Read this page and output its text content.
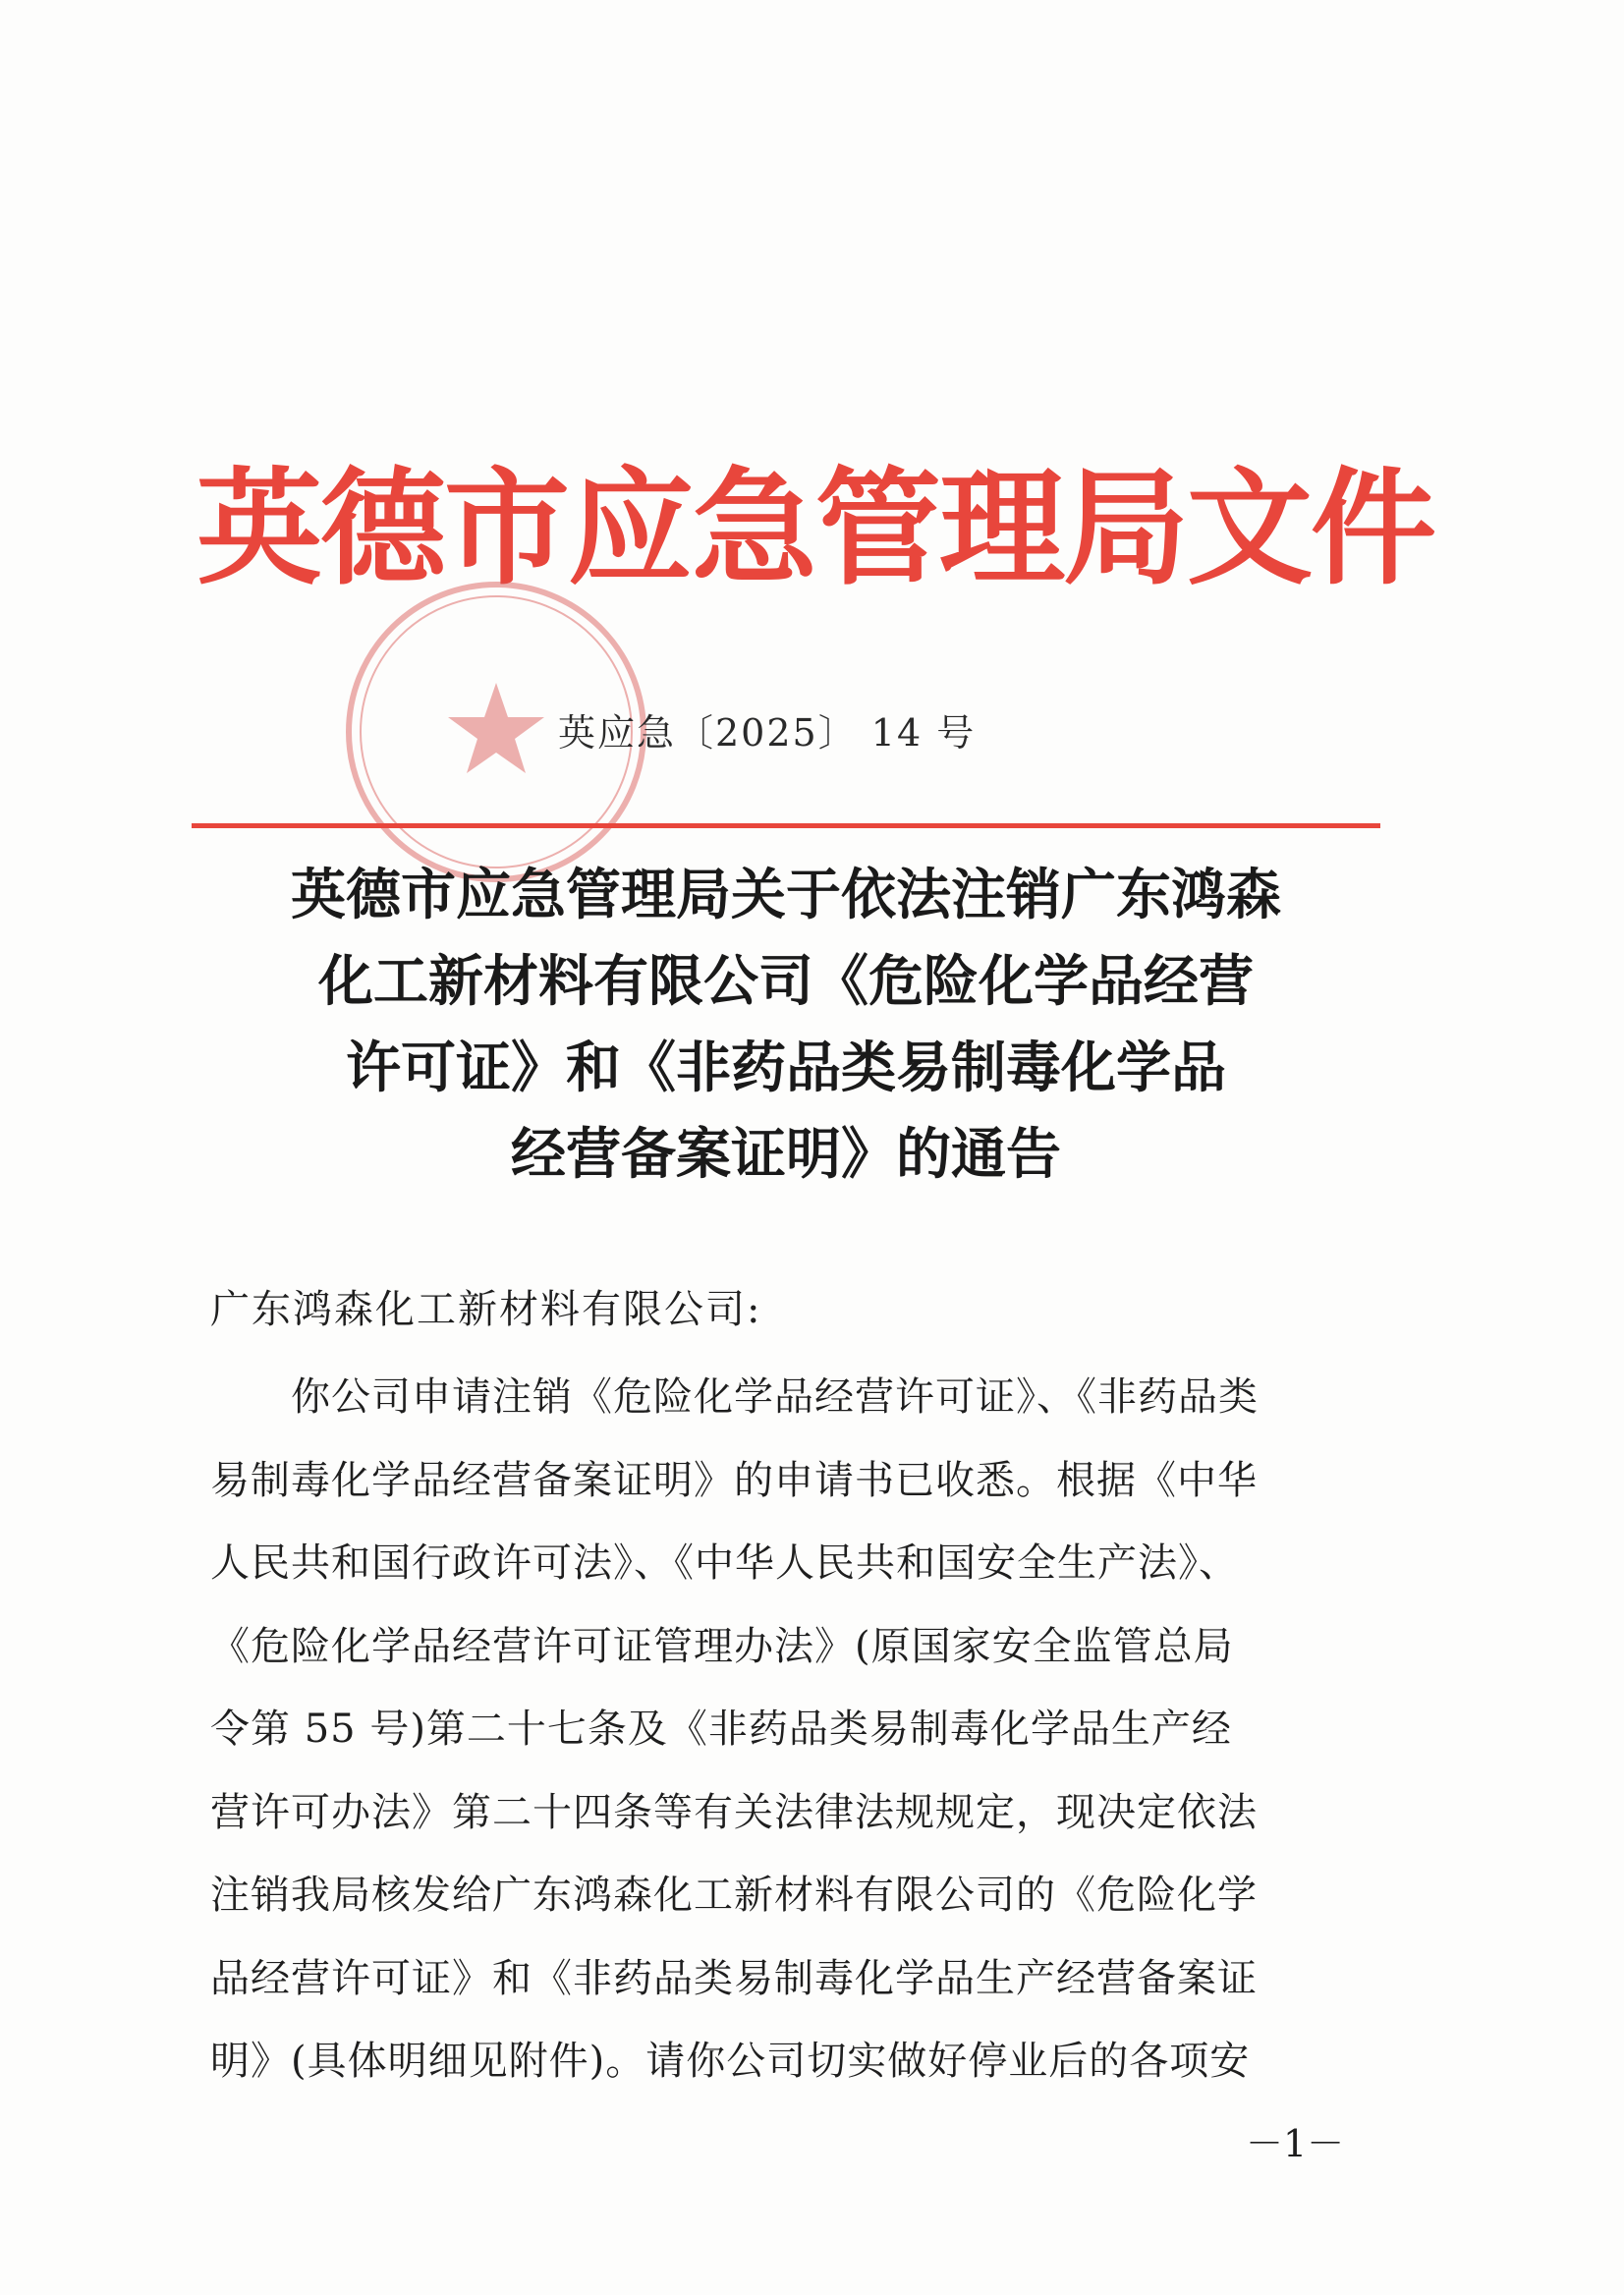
英德市应急管理局文件
英应急〔2025〕 14 号
英德市应急管理局关于依法注销广东鸿森
化工新材料有限公司《危险化学品经营
许可证》和《非药品类易制毒化学品
经营备案证明》的通告
广东鸿森化工新材料有限公司:
　　你公司申请注销《危险化学品经营许可证》、《非药品类
易制毒化学品经营备案证明》的申请书已收悉。根据《中华
人民共和国行政许可法》、《中华人民共和国安全生产法》、
《危险化学品经营许可证管理办法》(原国家安全监管总局
令第 55 号)第二十七条及《非药品类易制毒化学品生产经
营许可办法》第二十四条等有关法律法规规定，现决定依法
注销我局核发给广东鸿森化工新材料有限公司的《危险化学
品经营许可证》和《非药品类易制毒化学品生产经营备案证
明》(具体明细见附件)。请你公司切实做好停业后的各项安
－1－
